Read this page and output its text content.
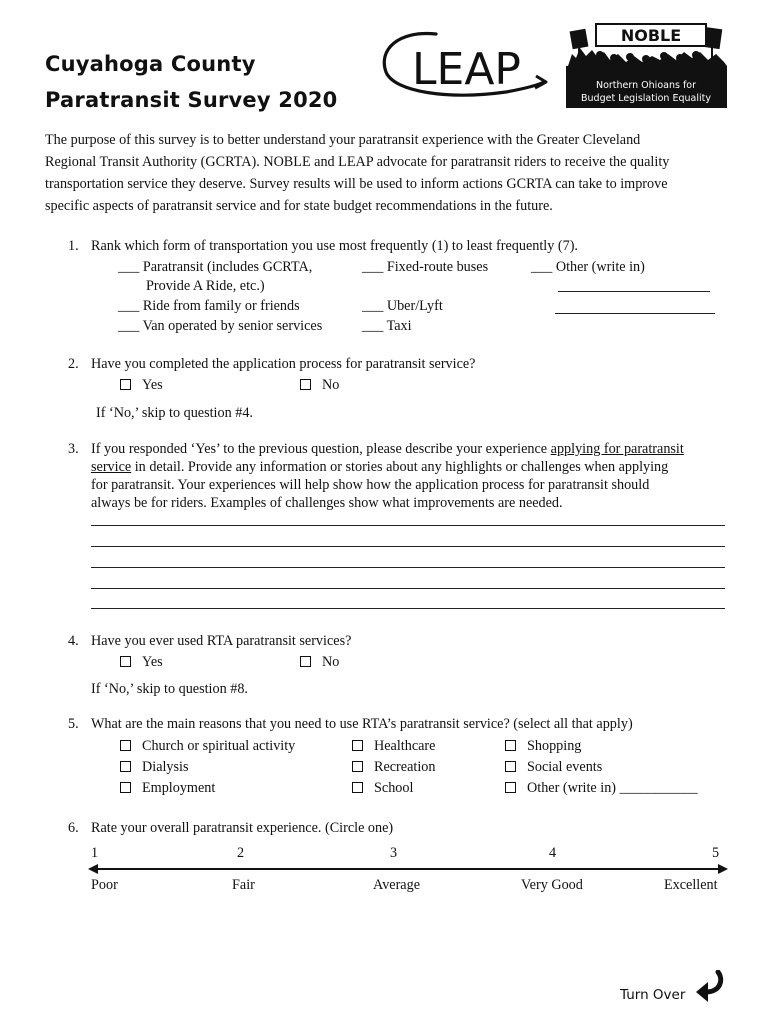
Cuyahoga County
Paratransit Survey 2020
LEAP
NOBLE
Northern Ohioans for
Budget Legislation Equality
The purpose of this survey is to better understand your paratransit experience with the Greater Cleveland
Regional Transit Authority (GCRTA). NOBLE and LEAP advocate for paratransit riders to receive the quality
transportation service they deserve. Survey results will be used to inform actions GCRTA can take to improve
specific aspects of paratransit service and for state budget recommendations in the future.
1. Rank which form of transportation you use most frequently (1) to least frequently (7).
___ Paratransit (includes GCRTA,
Provide A Ride, etc.)
___ Ride from family or friends
___ Van operated by senior services
___ Fixed-route buses
___ Uber/Lyft
___ Taxi
___ Other (write in)
2. Have you completed the application process for paratransit service?
Yes	No
If ‘No,’ skip to question #4.
3. If you responded ‘Yes’ to the previous question, please describe your experience applying for paratransit
service in detail. Provide any information or stories about any highlights or challenges when applying
for paratransit. Your experiences will help show how the application process for paratransit should
always be for riders. Examples of challenges show what improvements are needed.
4. Have you ever used RTA paratransit services?
Yes	No
If ‘No,’ skip to question #8.
5. What are the main reasons that you need to use RTA’s paratransit service? (select all that apply)
Church or spiritual activity
Dialysis
Employment
Healthcare
Recreation
School
Shopping
Social events
Other (write in) ___________
6. Rate your overall paratransit experience. (Circle one)
1	2	3	4	5
Poor	Fair	Average	Very Good	Excellent
Turn Over
